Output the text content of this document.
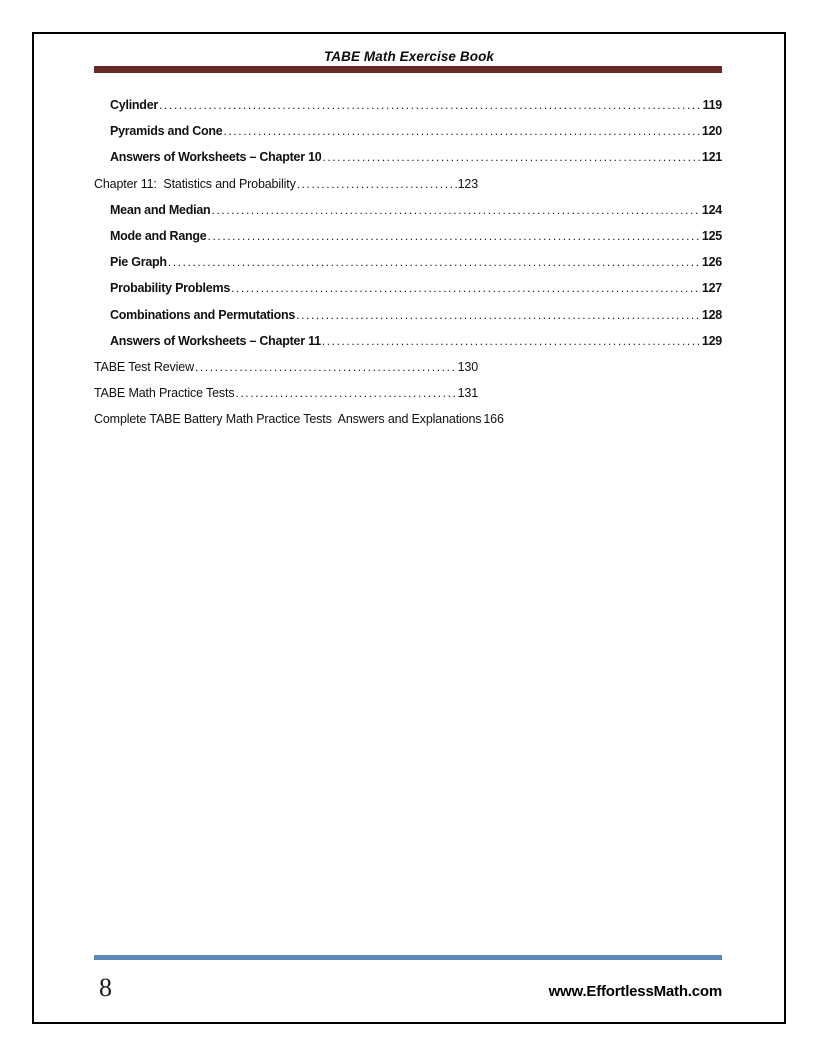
TABE Math Exercise Book
Cylinder .....	119
Pyramids and Cone .....	120
Answers of Worksheets – Chapter 10 .....	121
Chapter 11:  Statistics and Probability .....	123
Mean and Median .....	124
Mode and Range .....	125
Pie Graph .....	126
Probability Problems .....	127
Combinations and Permutations .....	128
Answers of Worksheets – Chapter 11 .....	129
TABE Test Review .....	130
TABE Math Practice Tests .....	131
Complete TABE Battery Math Practice Tests  Answers and Explanations 166
8	www.EffortlessMath.com
